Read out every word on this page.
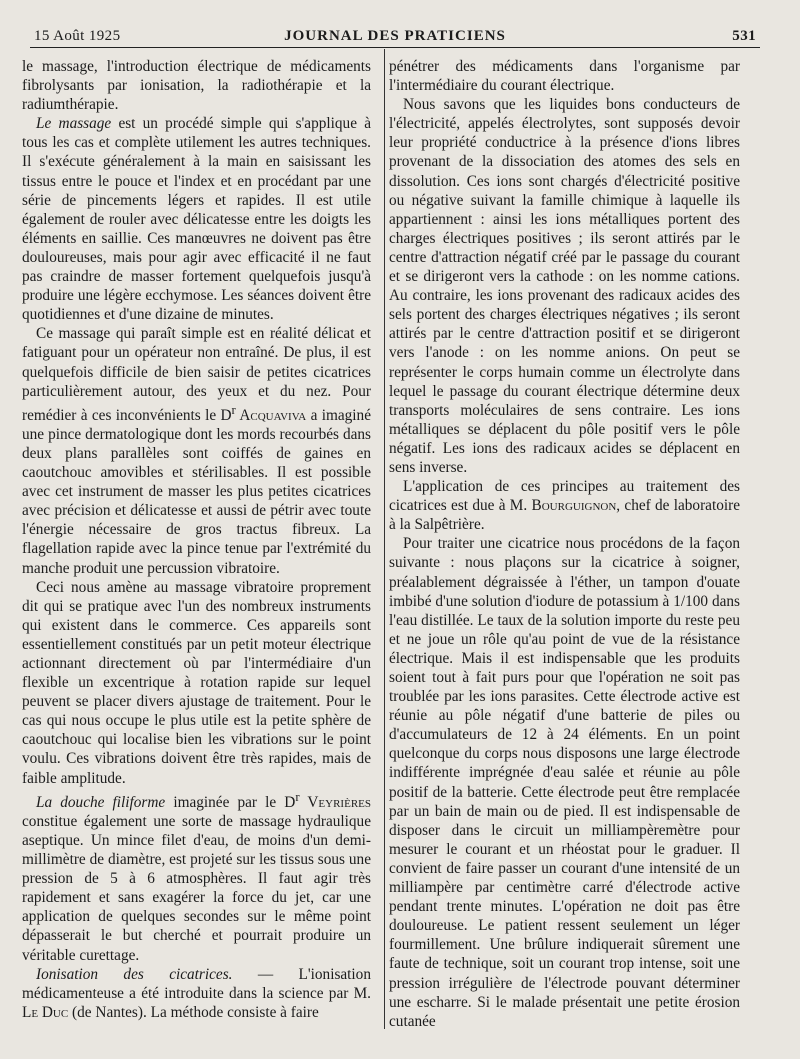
15 Août 1925	JOURNAL DES PRATICIENS	531

le massage, l'introduction électrique de médicaments fibrolysants par ionisation, la radiothérapie et la radiumthérapie.

Le massage est un procédé simple qui s'applique à tous les cas et complète utilement les autres techniques. Il s'exécute généralement à la main en saisissant les tissus entre le pouce et l'index et en procédant par une série de pincements légers et rapides. Il est utile également de rouler avec délicatesse entre les doigts les éléments en saillie. Ces manœuvres ne doivent pas être douloureuses, mais pour agir avec efficacité il ne faut pas craindre de masser fortement quelquefois jusqu'à produire une légère ecchymose. Les séances doivent être quotidiennes et d'une dizaine de minutes.

Ce massage qui paraît simple est en réalité délicat et fatiguant pour un opérateur non entraîné. De plus, il est quelquefois difficile de bien saisir de petites cicatrices particulièrement autour, des yeux et du nez. Pour remédier à ces inconvénients le $D^r$ Acquaviva a imaginé une pince dermatologique dont les mords recourbés dans deux plans parallèles sont coiffés de gaines en caoutchouc amovibles et stérilisables. Il est possible avec cet instrument de masser les plus petites cicatrices avec précision et délicatesse et aussi de pétrir avec toute l'énergie nécessaire de gros tractus fibreux. La flagellation rapide avec la pince tenue par l'extrémité du manche produit une percussion vibratoire.

Ceci nous amène au massage vibratoire proprement dit qui se pratique avec l'un des nombreux instruments qui existent dans le commerce. Ces appareils sont essentiellement constitués par un petit moteur électrique actionnant directement où par l'intermédiaire d'un flexible un excentrique à rotation rapide sur lequel peuvent se placer divers ajustage de traitement. Pour le cas qui nous occupe le plus utile est la petite sphère de caoutchouc qui localise bien les vibrations sur le point voulu. Ces vibrations doivent être très rapides, mais de faible amplitude.

La douche filiforme imaginée par le $D^r$ Veyrières constitue également une sorte de massage hydraulique aseptique. Un mince filet d'eau, de moins d'un demi-millimètre de diamètre, est projeté sur les tissus sous une pression de 5 à 6 atmosphères. Il faut agir très rapidement et sans exagérer la force du jet, car une application de quelques secondes sur le même point dépasserait le but cherché et pourrait produire un véritable curettage.

Ionisation des cicatrices. — L'ionisation médicamenteuse a été introduite dans la science par M. Le Duc (de Nantes). La méthode consiste à faire

pénétrer des médicaments dans l'organisme par l'intermédiaire du courant électrique.

Nous savons que les liquides bons conducteurs de l'électricité, appelés électrolytes, sont supposés devoir leur propriété conductrice à la présence d'ions libres provenant de la dissociation des atomes des sels en dissolution. Ces ions sont chargés d'électricité positive ou négative suivant la famille chimique à laquelle ils appartiennent : ainsi les ions métalliques portent des charges électriques positives ; ils seront attirés par le centre d'attraction négatif créé par le passage du courant et se dirigeront vers la cathode : on les nomme cations. Au contraire, les ions provenant des radicaux acides des sels portent des charges électriques négatives ; ils seront attirés par le centre d'attraction positif et se dirigeront vers l'anode : on les nomme anions. On peut se représenter le corps humain comme un électrolyte dans lequel le passage du courant électrique détermine deux transports moléculaires de sens contraire. Les ions métalliques se déplacent du pôle positif vers le pôle négatif. Les ions des radicaux acides se déplacent en sens inverse.

L'application de ces principes au traitement des cicatrices est due à M. Bourguignon, chef de laboratoire à la Salpêtrière.

Pour traiter une cicatrice nous procédons de la façon suivante : nous plaçons sur la cicatrice à soigner, préalablement dégraissée à l'éther, un tampon d'ouate imbibé d'une solution d'iodure de potassium à 1/100 dans l'eau distillée. Le taux de la solution importe du reste peu et ne joue un rôle qu'au point de vue de la résistance électrique. Mais il est indispensable que les produits soient tout à fait purs pour que l'opération ne soit pas troublée par les ions parasites. Cette électrode active est réunie au pôle négatif d'une batterie de piles ou d'accumulateurs de 12 à 24 éléments. En un point quelconque du corps nous disposons une large électrode indifférente imprégnée d'eau salée et réunie au pôle positif de la batterie. Cette électrode peut être remplacée par un bain de main ou de pied. Il est indispensable de disposer dans le circuit un milliampèremètre pour mesurer le courant et un rhéostat pour le graduer. Il convient de faire passer un courant d'une intensité de un milliampère par centimètre carré d'électrode active pendant trente minutes. L'opération ne doit pas être douloureuse. Le patient ressent seulement un léger fourmillement. Une brûlure indiquerait sûrement une faute de technique, soit un courant trop intense, soit une pression irrégulière de l'électrode pouvant déterminer une escharre. Si le malade présentait une petite érosion cutanée
